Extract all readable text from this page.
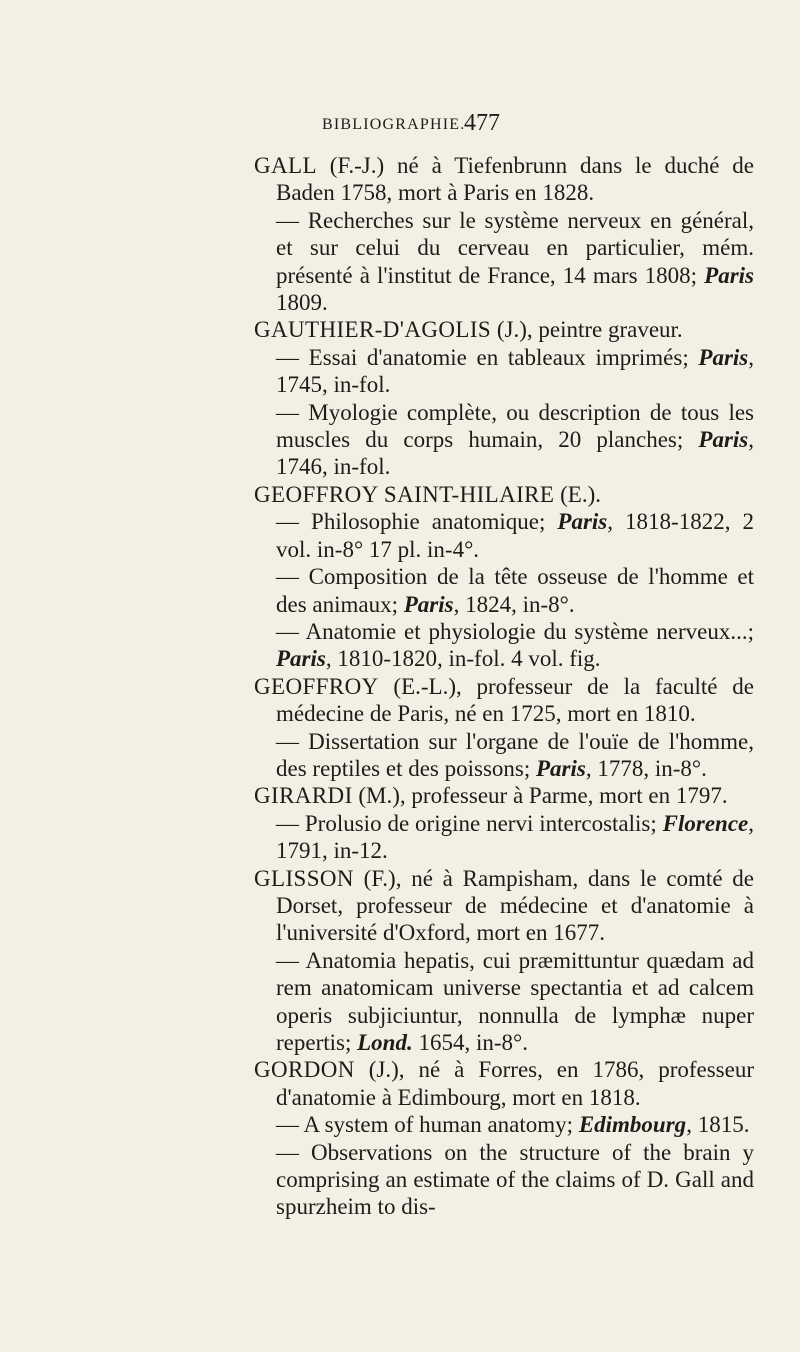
BIBLIOGRAPHIE.
477

GALL (F.-J.) né à Tiefenbrunn dans le duché de Baden 1758, mort à Paris en 1828.

— Recherches sur le système nerveux en général, et sur celui du cerveau en particulier, mém. présenté à l'institut de France, 14 mars 1808; Paris 1809.

GAUTHIER-D'AGOLIS (J.), peintre graveur.

— Essai d'anatomie en tableaux imprimés; Paris, 1745, in-fol.

— Myologie complète, ou description de tous les muscles du corps humain, 20 planches; Paris, 1746, in-fol.

GEOFFROY SAINT-HILAIRE (E.).

— Philosophie anatomique; Paris, 1818-1822, 2 vol. in-8° 17 pl. in-4°.

— Composition de la tête osseuse de l'homme et des animaux; Paris, 1824, in-8°.

— Anatomie et physiologie du système nerveux...; Paris, 1810-1820, in-fol. 4 vol. fig.

GEOFFROY (E.-L.), professeur de la faculté de médecine de Paris, né en 1725, mort en 1810.

— Dissertation sur l'organe de l'ouïe de l'homme, des reptiles et des poissons; Paris, 1778, in-8°.

GIRARDI (M.), professeur à Parme, mort en 1797.

— Prolusio de origine nervi intercostalis; Florence, 1791, in-12.

GLISSON (F.), né à Rampisham, dans le comté de Dorset, professeur de médecine et d'anatomie à l'université d'Oxford, mort en 1677.

— Anatomia hepatis, cui præmittuntur quædam ad rem anatomicam universe spectantia et ad calcem operis subjiciuntur, nonnulla de lymphæ nuper repertis; Lond. 1654, in-8°.

GORDON (J.), né à Forres, en 1786, professeur d'anatomie à Edimbourg, mort en 1818.

— A system of human anatomy; Edimbourg, 1815.

— Observations on the structure of the brain y comprising an estimate of the claims of D. Gall and spurzheim to dis-
